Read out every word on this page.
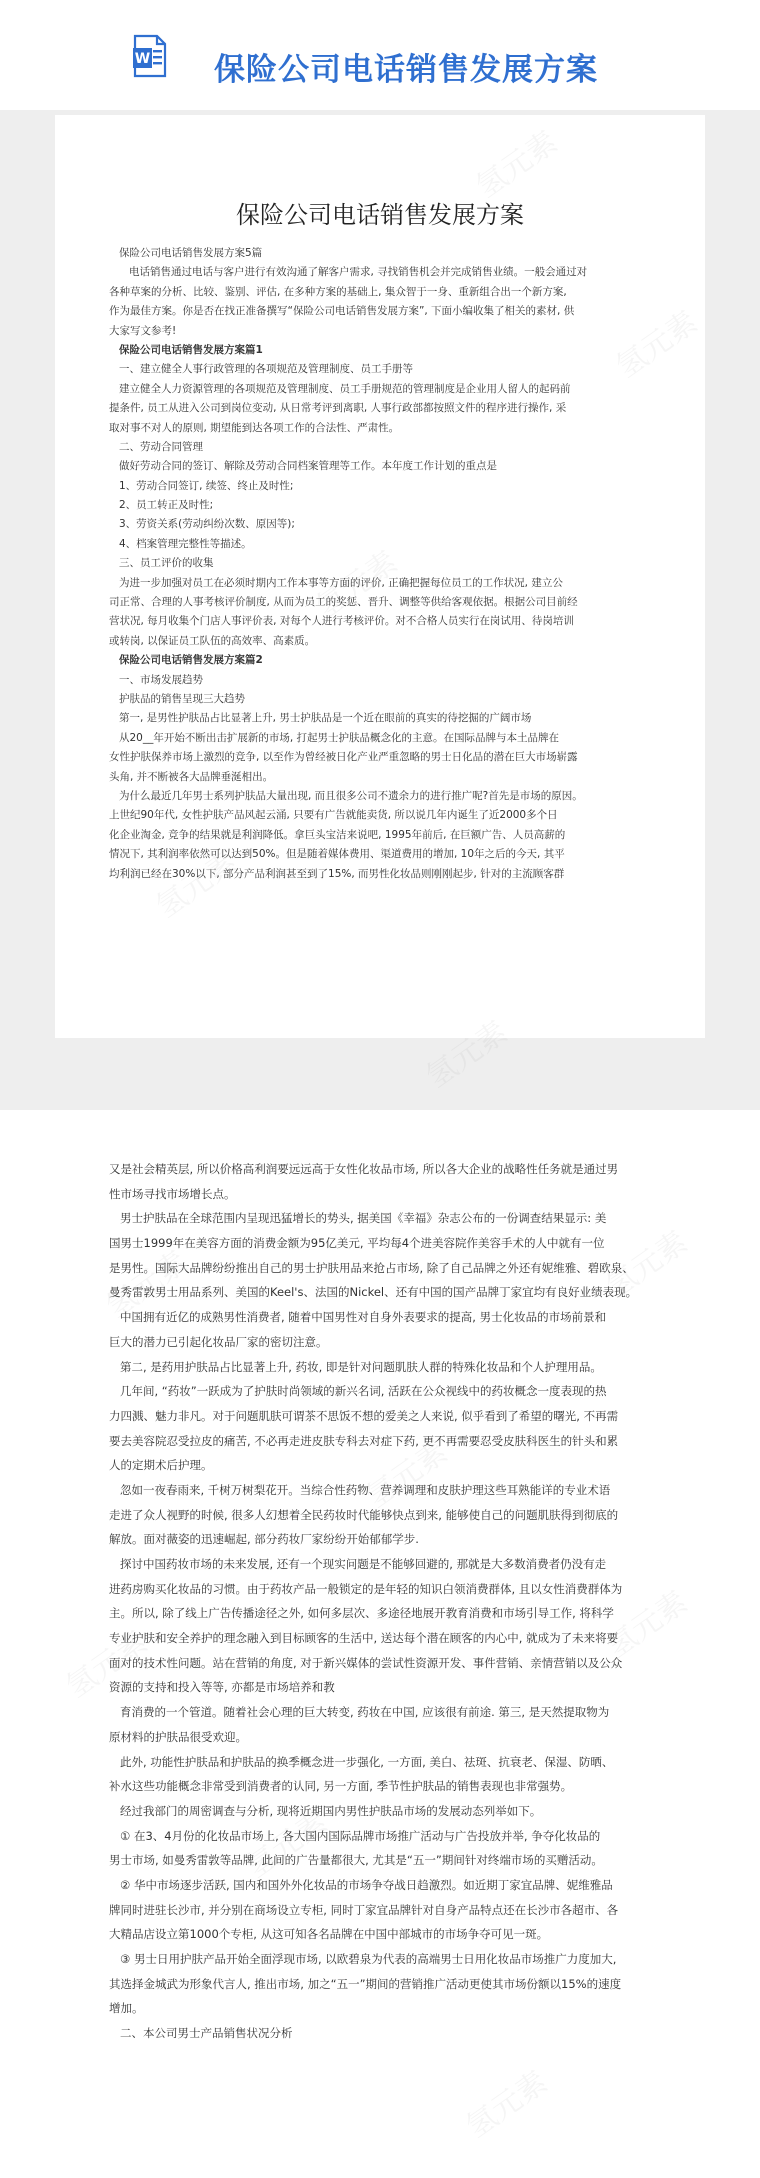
W 保险公司电话销售发展方案
保险公司电话销售发展方案
保险公司电话销售发展方案5篇
电话销售通过电话与客户进行有效沟通了解客户需求, 寻找销售机会并完成销售业绩。一般会通过对
各种草案的分析、比较、鉴别、评估, 在多种方案的基础上, 集众智于一身、重新组合出一个新方案,
作为最佳方案。你是否在找正准备撰写“保险公司电话销售发展方案”, 下面小编收集了相关的素材, 供
大家写文参考!
保险公司电话销售发展方案篇1
一、建立健全人事行政管理的各项规范及管理制度、员工手册等
建立健全人力资源管理的各项规范及管理制度、员工手册规范的管理制度是企业用人留人的起码前
提条件, 员工从进入公司到岗位变动, 从日常考评到离职, 人事行政部都按照文件的程序进行操作, 采
取对事不对人的原则, 期望能到达各项工作的合法性、严肃性。
二、劳动合同管理
做好劳动合同的签订、解除及劳动合同档案管理等工作。本年度工作计划的重点是
1、劳动合同签订, 续签、终止及时性;
2、员工转正及时性;
3、劳资关系(劳动纠纷次数、原因等);
4、档案管理完整性等描述。
三、员工评价的收集
为进一步加强对员工在必须时期内工作本事等方面的评价, 正确把握每位员工的工作状况, 建立公
司正常、合理的人事考核评价制度, 从而为员工的奖惩、晋升、调整等供给客观依据。根据公司目前经
营状况, 每月收集个门店人事评价表, 对每个人进行考核评价。对不合格人员实行在岗试用、待岗培训
或转岗, 以保证员工队伍的高效率、高素质。
保险公司电话销售发展方案篇2
一、市场发展趋势
护肤品的销售呈现三大趋势
第一, 是男性护肤品占比显著上升, 男士护肤品是一个近在眼前的真实的待挖掘的广阔市场
从20__年开始不断出击扩展新的市场, 打起男士护肤品概念化的主意。在国际品牌与本土品牌在
女性护肤保养市场上激烈的竞争, 以至作为曾经被日化产业严重忽略的男士日化品的潜在巨大市场崭露
头角, 并不断被各大品牌垂涎相出。
为什么最近几年男士系列护肤品大量出现, 而且很多公司不遗余力的进行推广呢?首先是市场的原因。
上世纪90年代, 女性护肤产品风起云涌, 只要有广告就能卖货, 所以说几年内诞生了近2000多个日
化企业淘金, 竞争的结果就是利润降低。拿巨头宝洁来说吧, 1995年前后, 在巨额广告、人员高薪的
情况下, 其利润率依然可以达到50%。但是随着媒体费用、渠道费用的增加, 10年之后的今天, 其平
均利润已经在30%以下, 部分产品利润甚至到了15%, 而男性化妆品则刚刚起步, 针对的主流顾客群
又是社会精英层, 所以价格高利润要远远高于女性化妆品市场, 所以各大企业的战略性任务就是通过男
性市场寻找市场增长点。
男士护肤品在全球范围内呈现迅猛增长的势头, 据美国《幸福》杂志公布的一份调查结果显示: 美
国男士1999年在美容方面的消费金额为95亿美元, 平均每4个进美容院作美容手术的人中就有一位
是男性。国际大品牌纷纷推出自己的男士护肤用品来抢占市场, 除了自己品牌之外还有妮维雅、碧欧泉、
曼秀雷敦男士用品系列、美国的Keel's、法国的Nickel、还有中国的国产品牌丁家宜均有良好业绩表现。
中国拥有近亿的成熟男性消费者, 随着中国男性对自身外表要求的提高, 男士化妆品的市场前景和
巨大的潜力已引起化妆品厂家的密切注意。
第二, 是药用护肤品占比显著上升, 药妆, 即是针对问题肌肤人群的特殊化妆品和个人护理用品。
几年间, “药妆”一跃成为了护肤时尚领域的新兴名词, 活跃在公众视线中的药妆概念一度表现的热
力四溅、魅力非凡。对于问题肌肤可谓茶不思饭不想的爱美之人来说, 似乎看到了希望的曙光, 不再需
要去美容院忍受拉皮的痛苦, 不必再走进皮肤专科去对症下药, 更不再需要忍受皮肤科医生的针头和累
人的定期术后护理。
忽如一夜春雨来, 千树万树梨花开。当综合性药物、营养调理和皮肤护理这些耳熟能详的专业术语
走进了众人视野的时候, 很多人幻想着全民药妆时代能够快点到来, 能够使自己的问题肌肤得到彻底的
解放。面对薇姿的迅速崛起, 部分药妆厂家纷纷开始郁郁学步.
探讨中国药妆市场的未来发展, 还有一个现实问题是不能够回避的, 那就是大多数消费者仍没有走
进药房购买化妆品的习惯。由于药妆产品一般锁定的是年轻的知识白领消费群体, 且以女性消费群体为
主。所以, 除了线上广告传播途径之外, 如何多层次、多途径地展开教育消费和市场引导工作, 将科学
专业护肤和安全养护的理念融入到目标顾客的生活中, 送达每个潜在顾客的内心中, 就成为了未来将要
面对的技术性问题。站在营销的角度, 对于新兴媒体的尝试性资源开发、事件营销、亲情营销以及公众
资源的支持和投入等等, 亦都是市场培养和教
育消费的一个管道。随着社会心理的巨大转变, 药妆在中国, 应该很有前途. 第三, 是天然提取物为
原材料的护肤品很受欢迎。
此外, 功能性护肤品和护肤品的换季概念进一步强化, 一方面, 美白、祛斑、抗衰老、保湿、防晒、
补水这些功能概念非常受到消费者的认同, 另一方面, 季节性护肤品的销售表现也非常强势。
经过我部门的周密调查与分析, 现将近期国内男性护肤品市场的发展动态列举如下。
① 在3、4月份的化妆品市场上, 各大国内国际品牌市场推广活动与广告投放并举, 争夺化妆品的
男士市场, 如曼秀雷敦等品牌, 此间的广告量都很大, 尤其是“五一”期间针对终端市场的买赠活动。
② 华中市场逐步活跃, 国内和国外外化妆品的市场争夺战日趋激烈。如近期丁家宜品牌、妮维雅品
牌同时进驻长沙市, 并分别在商场设立专柜, 同时丁家宜品牌针对自身产品特点还在长沙市各超市、各
大精品店设立第1000个专柜, 从这可知各名品牌在中国中部城市的市场争夺可见一斑。
③ 男士日用护肤产品开始全面浮现市场, 以欧碧泉为代表的高端男士日用化妆品市场推广力度加大,
其选择金城武为形象代言人, 推出市场, 加之“五一”期间的营销推广活动更使其市场份额以15%的速度
增加。
二、本公司男士产品销售状况分析
